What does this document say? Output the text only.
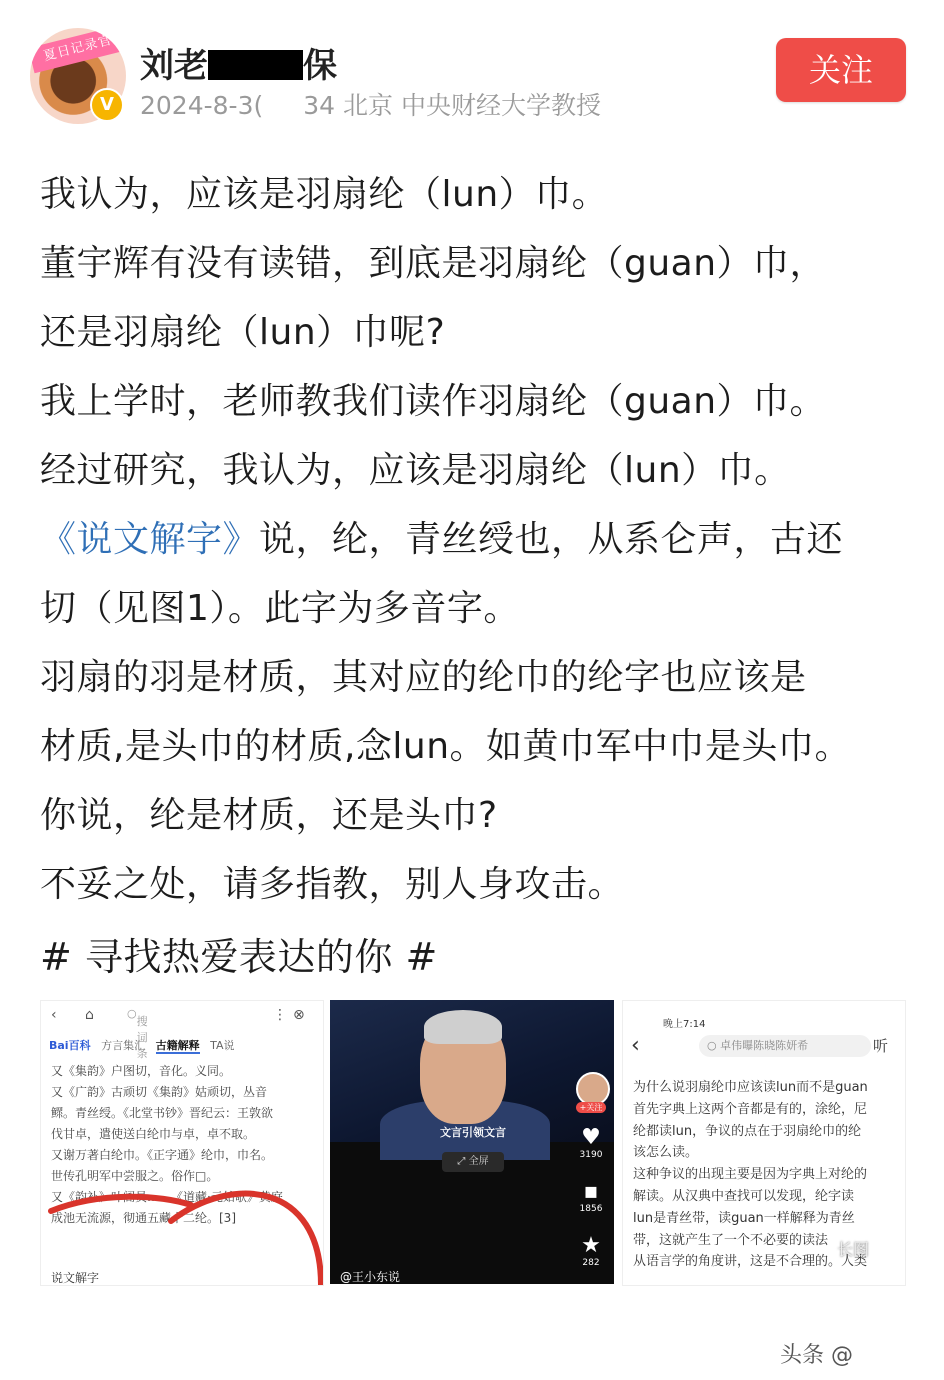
夏日记录官
V
刘老	保
2024-8-3( 34 北京 中央财经大学教授
关注

我认为，应该是羽扇纶（lun）巾。

董宇辉有没有读错，到底是羽扇纶（guan）巾，

还是羽扇纶（lun）巾呢?

我上学时，老师教我们读作羽扇纶（guan）巾。

经过研究，我认为，应该是羽扇纶（lun）巾。

《说文解字》说，纶，青丝绶也，从系仑声，古还

切（见图1）。此字为多音字。

羽扇的羽是材质，其对应的纶巾的纶字也应该是

材质,是头巾的材质,念lun。如黄巾军中巾是头巾。

你说，纶是材质，还是头巾?

不妥之处，请多指教，别人身攻击。

# 寻找热爱表达的你 #

‹ ⌂	○
搜词条
⋮ ⊗
Bai百科 方言集汇 古籍解释 TA说
又《集韵》户图切，音化。义同。
又《广韵》古顽切《集韵》姑顽切，丛音
鳏。青丝绶。《北堂书钞》晋纪云：王敦欲
伐甘卓，遣使送白纶巾与卓，卓不取。
又谢万著白纶巾。《正字通》纶巾，巾名。
世传孔明军中尝服之。俗作□。
又《韵补》叶阍员……《道藏·元始歌》黄庭
成池无流源，彻通五藏十二纶。[3]
说文解字
文言引领文言
⤢ 全屏
+关注
♥
3190
▪
1856
★
282
@王小东说
晚上7:14
‹	○ 卓伟曝陈晓陈妍希	听
为什么说羽扇纶巾应该读lun而不是guan
首先字典上这两个音都是有的，涂纶，尼
纶都读lun，争议的点在于羽扇纶巾的纶
该怎么读。
这种争议的出现主要是因为字典上对纶的
解读。从汉典中查找可以发现，纶字读
lun是青丝带，读guan一样解释为青丝
带，这就产生了一个不必要的读法
从语言学的角度讲，这是不合理的。人类
长图
头条 @
